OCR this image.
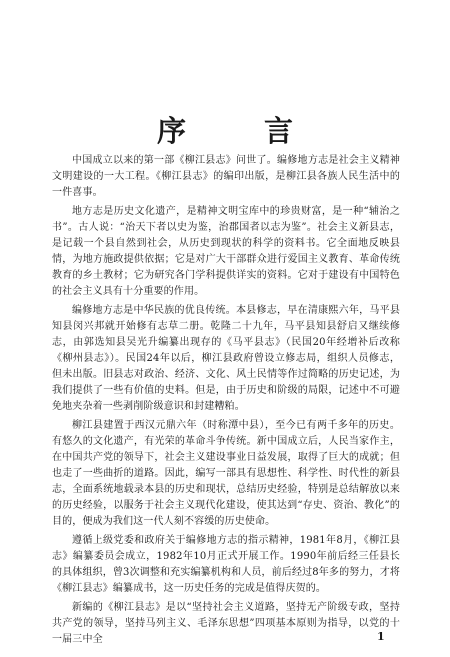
序 言

中国成立以来的第一部《柳江县志》问世了。编修地方志是社会主义精神文明建设的一大工程。《柳江县志》的编印出版，是柳江县各族人民生活中的一件喜事。

地方志是历史文化遗产，是精神文明宝库中的珍贵财富，是一种“辅治之书”。古人说：“治天下者以史为鉴，治郡国者以志为鉴”。社会主义新县志，是记载一个县自然到社会，从历史到现状的科学的资料书。它全面地反映县情，为地方施政提供依据；它是对广大干部群众进行爱国主义教育、革命传统教育的乡土教材；它为研究各门学科提供详实的资料。它对于建设有中国特色的社会主义具有十分重要的作用。

编修地方志是中华民族的优良传统。本县修志，早在清康熙六年，马平县知县闵兴邦就开始修有志草二册。乾隆二十九年，马平县知县舒启又继续修志，由郭选知县吴光升编纂出现存的《马平县志》（民国20年经增补后改称《柳州县志》）。民国24年以后，柳江县政府曾设立修志局，组织人员修志，但未出版。旧县志对政治、经济、文化、风土民情等作过简略的历史记述，为我们提供了一些有价值的史料。但是，由于历史和阶级的局限，记述中不可避免地夹杂着一些剥削阶级意识和封建糟粕。

柳江县建置于西汉元鼎六年（时称潭中县），至今已有两千多年的历史。有悠久的文化遗产，有光荣的革命斗争传统。新中国成立后，人民当家作主，在中国共产党的领导下，社会主义建设事业日益发展，取得了巨大的成就；但也走了一些曲折的道路。因此，编写一部具有思想性、科学性、时代性的新县志，全面系统地载录本县的历史和现状，总结历史经验，特别是总结解放以来的历史经验，以服务于社会主义现代化建设，使其达到“存史、资治、教化”的目的，便成为我们这一代人刻不容缓的历史使命。

遵循上级党委和政府关于编修地方志的指示精神，1981年8月，《柳江县志》编纂委员会成立，1982年10月正式开展工作。1990年前后经三任县长的具体组织，曾3次调整和充实编纂机构和人员，前后经过8年多的努力，才将《柳江县志》编纂成书，这一历史任务的完成是值得庆贺的。

新编的《柳江县志》是以“坚持社会主义道路，坚持无产阶级专政，坚持共产党的领导，坚持马列主义、毛泽东思想”四项基本原则为指导，以党的十一届三中全	1
